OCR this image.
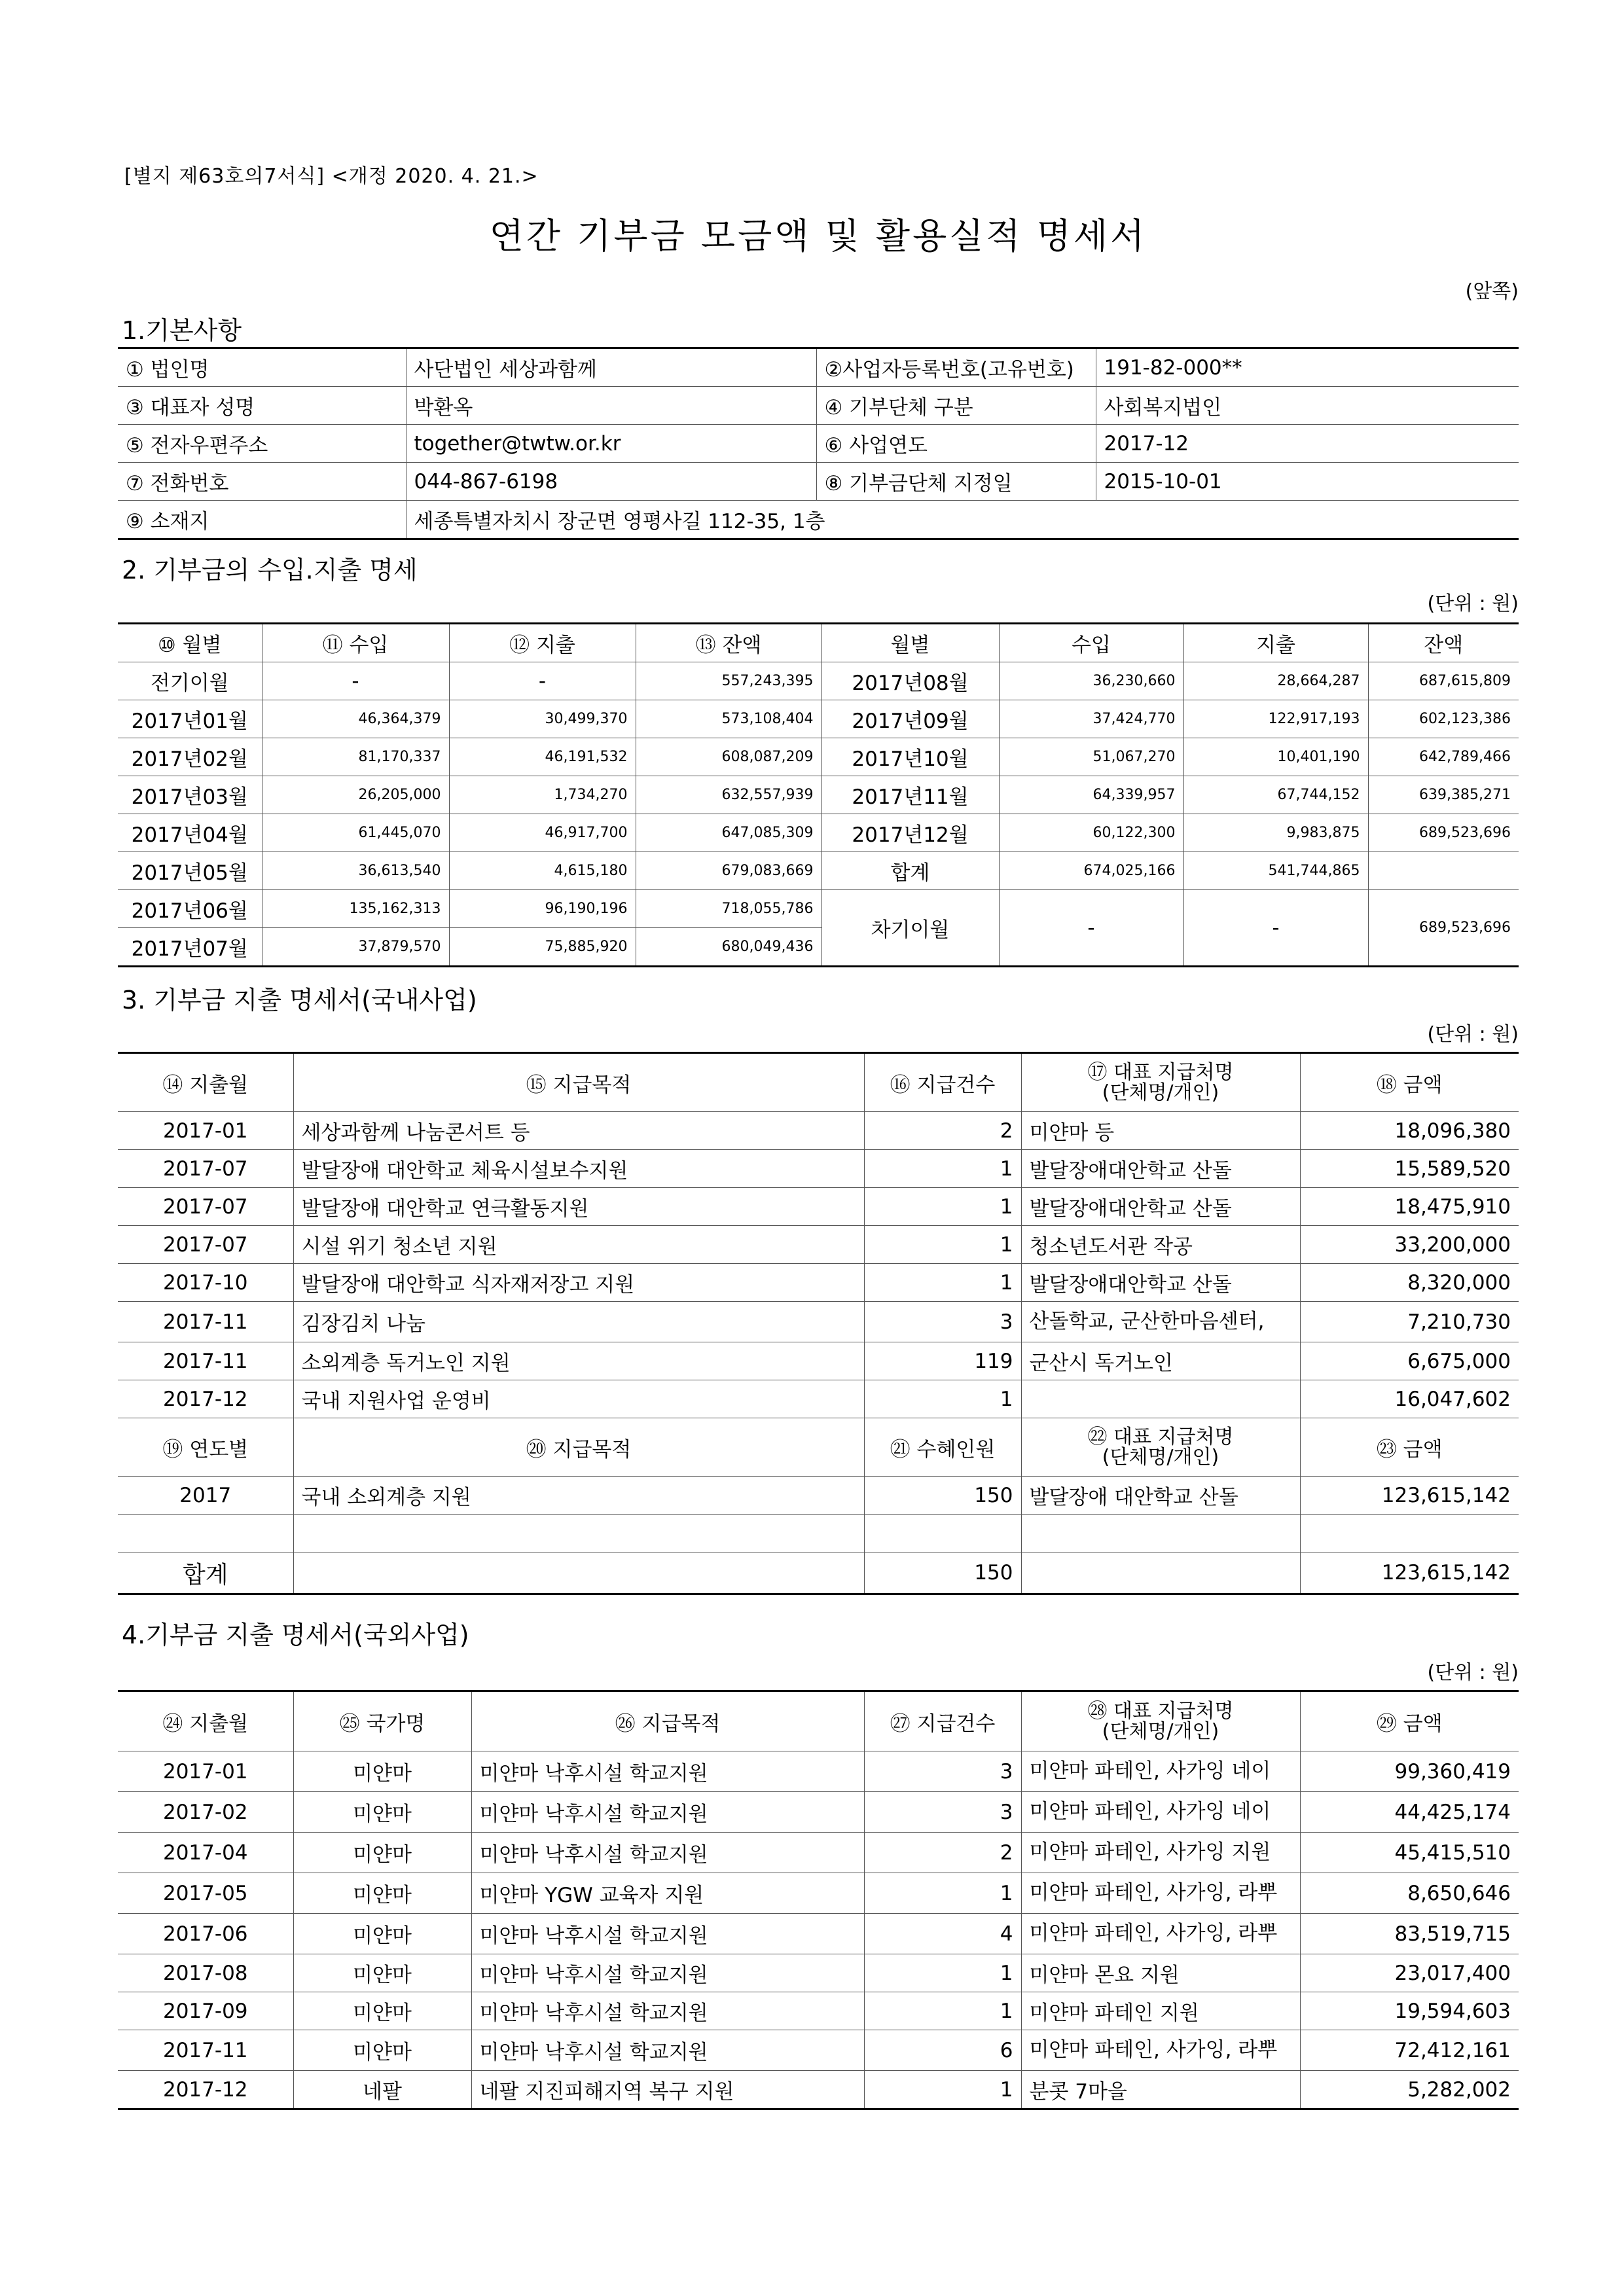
[별지 제63호의7서식] <개정 2020. 4. 21.>
연간 기부금 모금액 및 활용실적 명세서
(앞쪽)
1.기본사항
① 법인명	사단법인 세상과함께	②사업자등록번호(고유번호)	191-82-000**
③ 대표자 성명	박환옥	④ 기부단체 구분	사회복지법인
⑤ 전자우편주소	together@twtw.or.kr	⑥ 사업연도	2017-12
⑦ 전화번호	044-867-6198	⑧ 기부금단체 지정일	2015-10-01
⑨ 소재지	세종특별자치시 장군면 영평사길 112-35, 1층		
2. 기부금의 수입.지출 명세
(단위 : 원)
⑩ 월별	⑪ 수입	⑫ 지출	⑬ 잔액	월별	수입	지출	잔액
전기이월	-	-	557,243,395	2017년08월	36,230,660	28,664,287	687,615,809
2017년01월	46,364,379	30,499,370	573,108,404	2017년09월	37,424,770	122,917,193	602,123,386
2017년02월	81,170,337	46,191,532	608,087,209	2017년10월	51,067,270	10,401,190	642,789,466
2017년03월	26,205,000	1,734,270	632,557,939	2017년11월	64,339,957	67,744,152	639,385,271
2017년04월	61,445,070	46,917,700	647,085,309	2017년12월	60,122,300	9,983,875	689,523,696
2017년05월	36,613,540	4,615,180	679,083,669	합계	674,025,166	541,744,865	
2017년06월	135,162,313	96,190,196	718,055,786	차기이월	-	-	689,523,696
2017년07월	37,879,570	75,885,920	680,049,436				
3. 기부금 지출 명세서(국내사업)
(단위 : 원)
⑭ 지출월	⑮ 지급목적	⑯ 지급건수	⑰ 대표 지급처명
(단체명/개인)	⑱ 금액
2017-01	세상과함께 나눔콘서트 등	2	미얀마 등	18,096,380
2017-07	발달장애 대안학교 체육시설보수지원	1	발달장애대안학교 산돌	15,589,520
2017-07	발달장애 대안학교 연극활동지원	1	발달장애대안학교 산돌	18,475,910
2017-07	시설 위기 청소년 지원	1	청소년도서관 작공	33,200,000
2017-10	발달장애 대안학교 식자재저장고 지원	1	발달장애대안학교 산돌	8,320,000
2017-11	김장김치 나눔	3	산돌학교, 군산한마음센터,	7,210,730
2017-11	소외계층 독거노인 지원	119	군산시 독거노인	6,675,000
2017-12	국내 지원사업 운영비	1		16,047,602
⑲ 연도별	⑳ 지급목적	㉑ 수혜인원	㉒ 대표 지급처명
(단체명/개인)	㉓ 금액
2017	국내 소외계층 지원	150	발달장애 대안학교 산돌	123,615,142

합계		150		123,615,142
4.기부금 지출 명세서(국외사업)
(단위 : 원)
㉔ 지출월	㉕ 국가명	㉖ 지급목적	㉗ 지급건수	㉘ 대표 지급처명
(단체명/개인)	㉙ 금액
2017-01	미얀마	미얀마 낙후시설 학교지원	3	미얀마 파테인, 사가잉 네이	99,360,419
2017-02	미얀마	미얀마 낙후시설 학교지원	3	미얀마 파테인, 사가잉 네이	44,425,174
2017-04	미얀마	미얀마 낙후시설 학교지원	2	미얀마 파테인, 사가잉 지원	45,415,510
2017-05	미얀마	미얀마 YGW 교육자 지원	1	미얀마 파테인, 사가잉, 라뿌	8,650,646
2017-06	미얀마	미얀마 낙후시설 학교지원	4	미얀마 파테인, 사가잉, 라뿌	83,519,715
2017-08	미얀마	미얀마 낙후시설 학교지원	1	미얀마 몬요 지원	23,017,400
2017-09	미얀마	미얀마 낙후시설 학교지원	1	미얀마 파테인 지원	19,594,603
2017-11	미얀마	미얀마 낙후시설 학교지원	6	미얀마 파테인, 사가잉, 라뿌	72,412,161
2017-12	네팔	네팔 지진피해지역 복구 지원	1	분콧 7마을	5,282,002
